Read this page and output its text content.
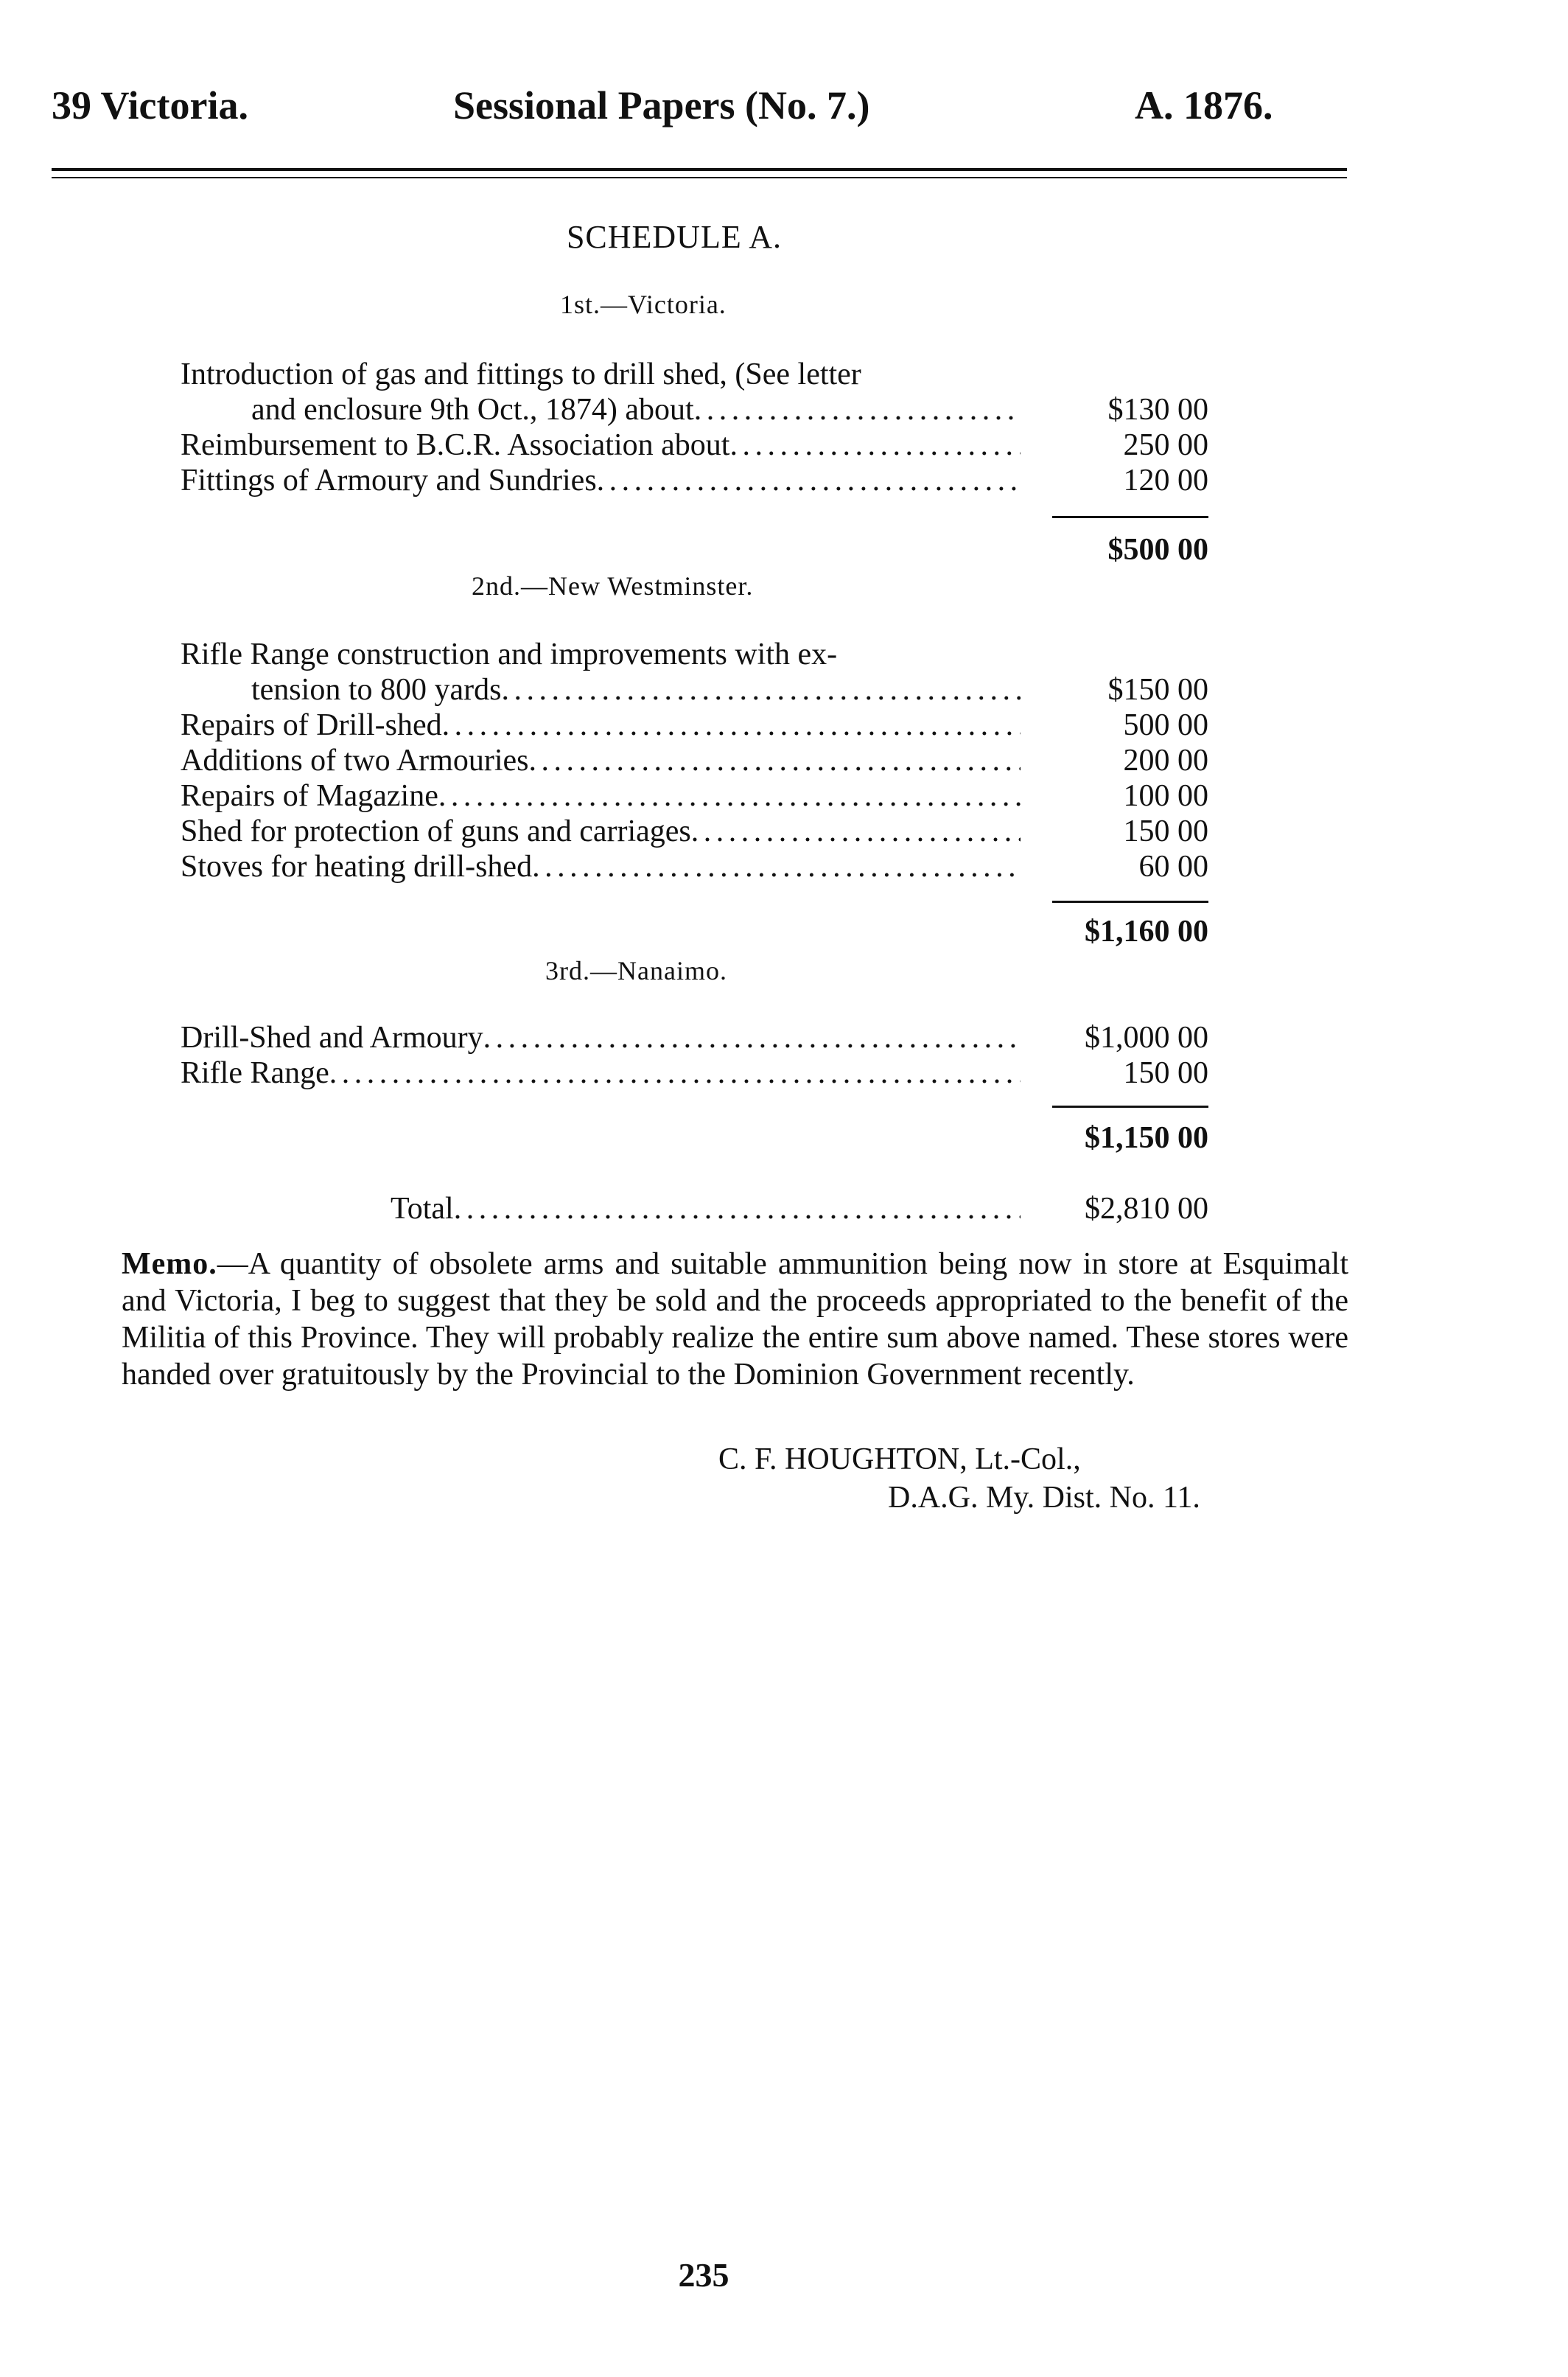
39 Victoria.	Sessional Papers (No. 7.)	A. 1876.
SCHEDULE A.
1st.—Victoria.
Introduction of gas and fittings to drill shed, (See letter
and enclosure 9th Oct., 1874) about . . .	$130 00
Reimbursement to B.C.R. Association about . . .	250 00
Fittings of Armoury and Sundries . . .	120 00
$500 00
2nd.—New Westminster.
Rifle Range construction and improvements with ex-
tension to 800 yards . . .	$150 00
Repairs of Drill-shed . . .	500 00
Additions of two Armouries . . .	200 00
Repairs of Magazine . . .	100 00
Shed for protection of guns and carriages . . .	150 00
Stoves for heating drill-shed . . .	60 00
$1,160 00
3rd.—Nanaimo.
Drill-Shed and Armoury . . .	$1,000 00
Rifle Range . . .	150 00
$1,150 00
Total . . .	$2,810 00
Memo.—A quantity of obsolete arms and suitable ammunition being now in store at Esquimalt and Victoria, I beg to suggest that they be sold and the proceeds appropriated to the benefit of the Militia of this Province. They will probably realize the entire sum above named. These stores were handed over gratuitously by the Provincial to the Dominion Government recently.
C. F. HOUGHTON, Lt.-Col.,
D.A.G. My. Dist. No. 11.
235
